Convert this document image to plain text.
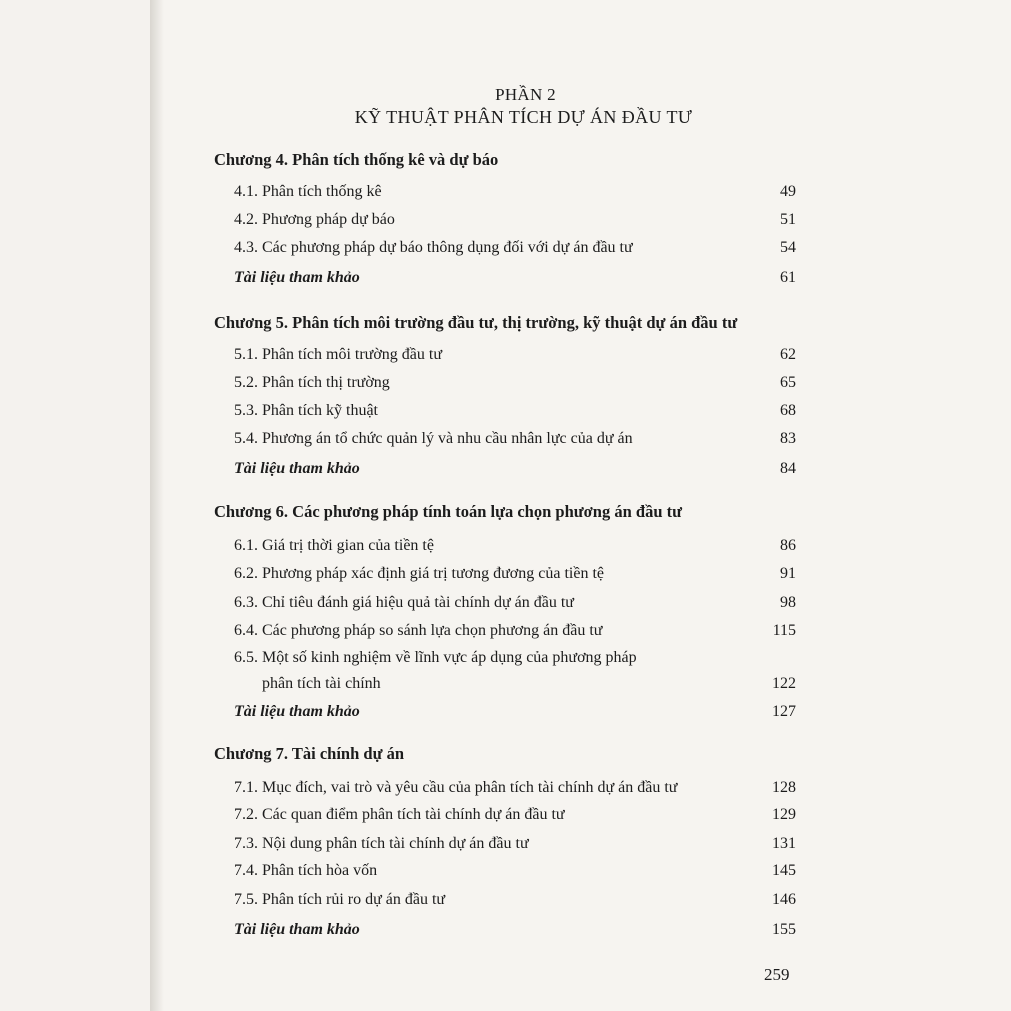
PHẦN 2
KỸ THUẬT PHÂN TÍCH DỰ ÁN ĐẦU TƯ
Chương 4. Phân tích thống kê và dự báo
4.1. Phân tích thống kê	49
4.2. Phương pháp dự báo	51
4.3. Các phương pháp dự báo thông dụng đối với dự án đầu tư	54
Tài liệu tham khảo	61
Chương 5. Phân tích môi trường đầu tư, thị trường, kỹ thuật dự án đầu tư
5.1. Phân tích môi trường đầu tư	62
5.2. Phân tích thị trường	65
5.3. Phân tích kỹ thuật	68
5.4. Phương án tổ chức quản lý và nhu cầu nhân lực của dự án	83
Tài liệu tham khảo	84
Chương 6. Các phương pháp tính toán lựa chọn phương án đầu tư
6.1. Giá trị thời gian của tiền tệ	86
6.2. Phương pháp xác định giá trị tương đương của tiền tệ	91
6.3. Chỉ tiêu đánh giá hiệu quả tài chính dự án đầu tư	98
6.4. Các phương pháp so sánh lựa chọn phương án đầu tư	115
6.5. Một số kinh nghiệm về lĩnh vực áp dụng của phương pháp
phân tích tài chính	122
Tài liệu tham khảo	127
Chương 7. Tài chính dự án
7.1. Mục đích, vai trò và yêu cầu của phân tích tài chính dự án đầu tư	128
7.2. Các quan điểm phân tích tài chính dự án đầu tư	129
7.3. Nội dung phân tích tài chính dự án đầu tư	131
7.4. Phân tích hòa vốn	145
7.5. Phân tích rủi ro dự án đầu tư	146
Tài liệu tham khảo	155
259
